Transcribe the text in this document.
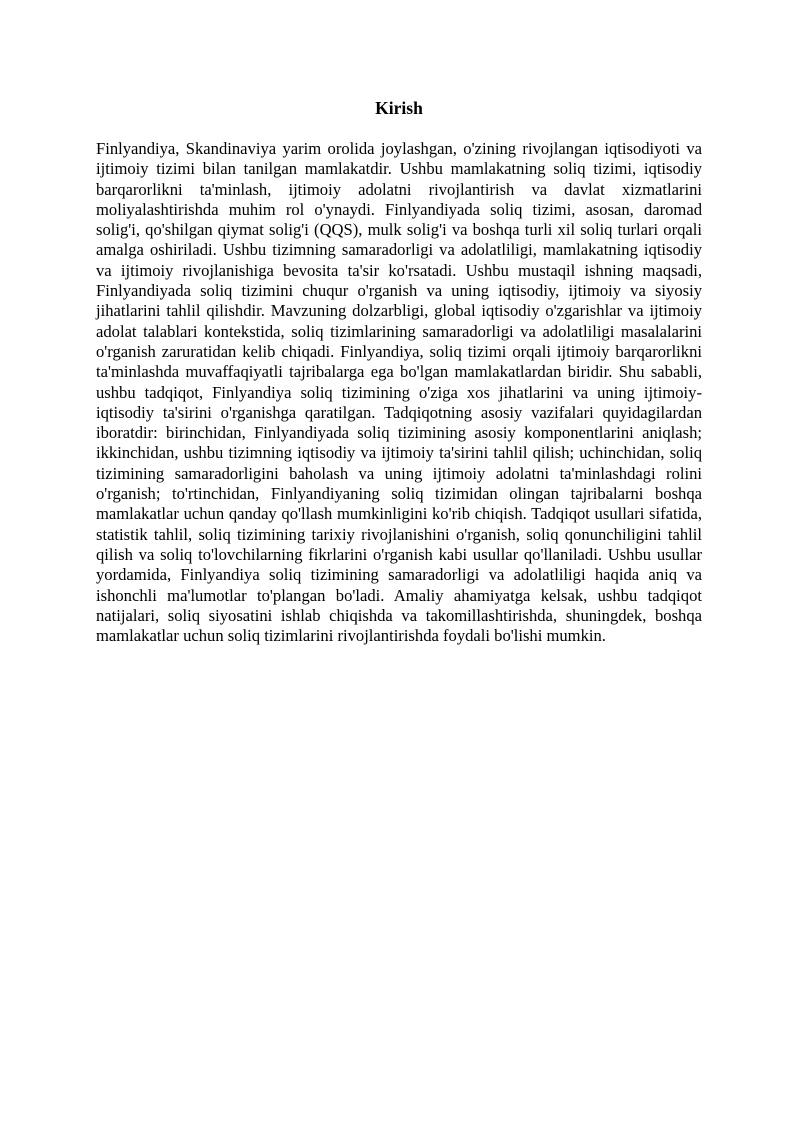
Kirish

Finlyandiya, Skandinaviya yarim orolida joylashgan, o'zining rivojlangan iqtisodiyoti va ijtimoiy tizimi bilan tanilgan mamlakatdir. Ushbu mamlakatning soliq tizimi, iqtisodiy barqarorlikni ta'minlash, ijtimoiy adolatni rivojlantirish va davlat xizmatlarini moliyalashtirishda muhim rol o'ynaydi. Finlyandiyada soliq tizimi, asosan, daromad solig'i, qo'shilgan qiymat solig'i (QQS), mulk solig'i va boshqa turli xil soliq turlari orqali amalga oshiriladi. Ushbu tizimning samaradorligi va adolatliligi, mamlakatning iqtisodiy va ijtimoiy rivojlanishiga bevosita ta'sir ko'rsatadi. Ushbu mustaqil ishning maqsadi, Finlyandiyada soliq tizimini chuqur o'rganish va uning iqtisodiy, ijtimoiy va siyosiy jihatlarini tahlil qilishdir. Mavzuning dolzarbligi, global iqtisodiy o'zgarishlar va ijtimoiy adolat talablari kontekstida, soliq tizimlarining samaradorligi va adolatliligi masalalarini o'rganish zaruratidan kelib chiqadi. Finlyandiya, soliq tizimi orqali ijtimoiy barqarorlikni ta'minlashda muvaffaqiyatli tajribalarga ega bo'lgan mamlakatlardan biridir. Shu sababli, ushbu tadqiqot, Finlyandiya soliq tizimining o'ziga xos jihatlarini va uning ijtimoiy-iqtisodiy ta'sirini o'rganishga qaratilgan. Tadqiqotning asosiy vazifalari quyidagilardan iboratdir: birinchidan, Finlyandiyada soliq tizimining asosiy komponentlarini aniqlash; ikkinchidan, ushbu tizimning iqtisodiy va ijtimoiy ta'sirini tahlil qilish; uchinchidan, soliq tizimining samaradorligini baholash va uning ijtimoiy adolatni ta'minlashdagi rolini o'rganish; to'rtinchidan, Finlyandiyaning soliq tizimidan olingan tajribalarni boshqa mamlakatlar uchun qanday qo'llash mumkinligini ko'rib chiqish. Tadqiqot usullari sifatida, statistik tahlil, soliq tizimining tarixiy rivojlanishini o'rganish, soliq qonunchiligini tahlil qilish va soliq to'lovchilarning fikrlarini o'rganish kabi usullar qo'llaniladi. Ushbu usullar yordamida, Finlyandiya soliq tizimining samaradorligi va adolatliligi haqida aniq va ishonchli ma'lumotlar to'plangan bo'ladi. Amaliy ahamiyatga kelsak, ushbu tadqiqot natijalari, soliq siyosatini ishlab chiqishda va takomillashtirishda, shuningdek, boshqa mamlakatlar uchun soliq tizimlarini rivojlantirishda foydali bo'lishi mumkin.
